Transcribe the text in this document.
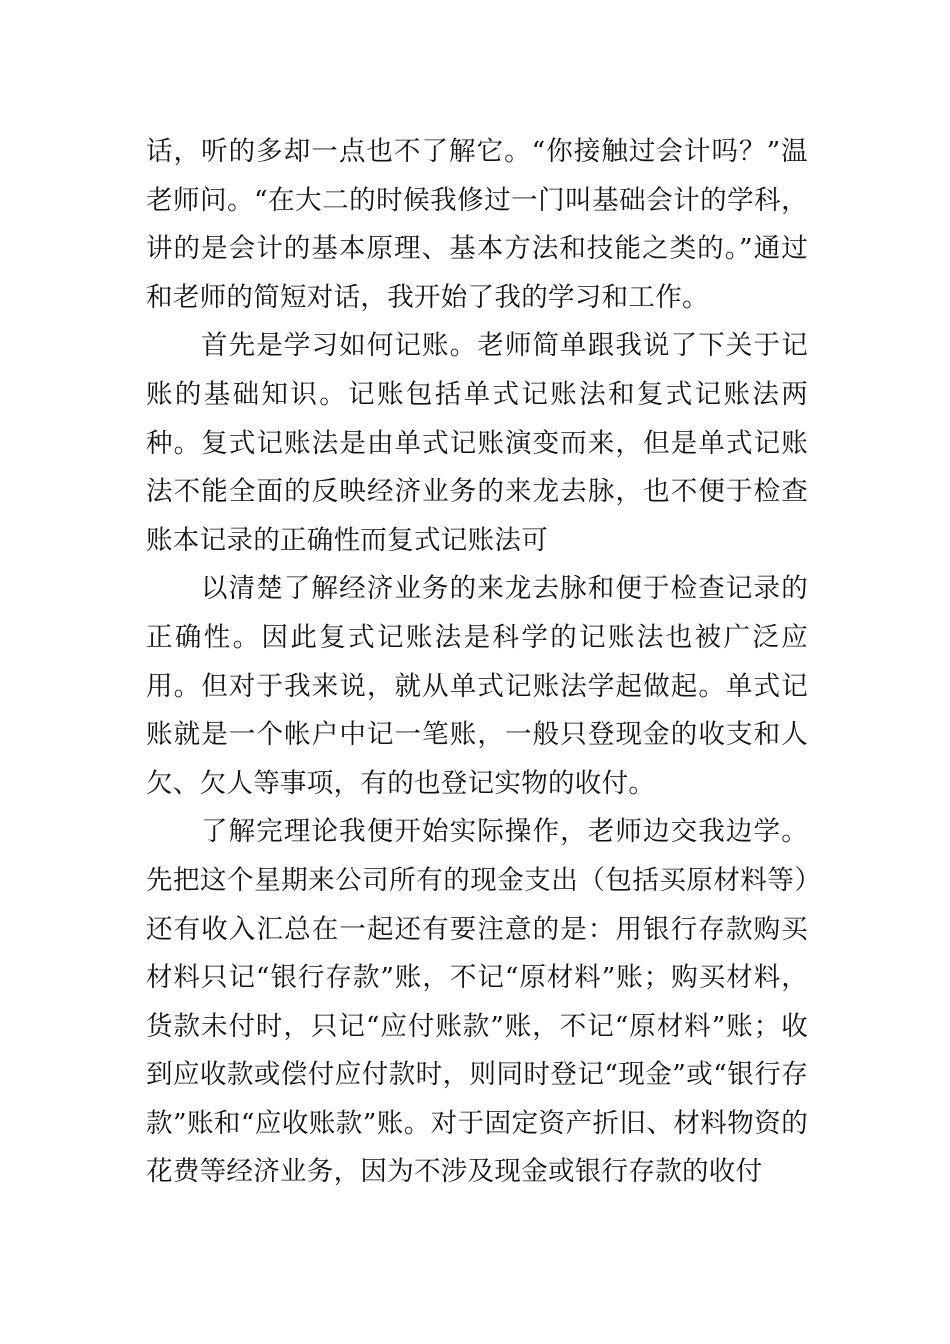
话，听的多却一点也不了解它。“你接触过会计吗？”温老师问。“在大二的时候我修过一门叫基础会计的学科，讲的是会计的基本原理、基本方法和技能之类的。”通过和老师的简短对话，我开始了我的学习和工作。

首先是学习如何记账。老师简单跟我说了下关于记账的基础知识。记账包括单式记账法和复式记账法两种。复式记账法是由单式记账演变而来，但是单式记账法不能全面的反映经济业务的来龙去脉，也不便于检查账本记录的正确性而复式记账法可

以清楚了解经济业务的来龙去脉和便于检查记录的正确性。因此复式记账法是科学的记账法也被广泛应用。但对于我来说，就从单式记账法学起做起。单式记账就是一个帐户中记一笔账，一般只登现金的收支和人欠、欠人等事项，有的也登记实物的收付。

了解完理论我便开始实际操作，老师边交我边学。先把这个星期来公司所有的现金支出（包括买原材料等）还有收入汇总在一起还有要注意的是：用银行存款购买材料只记“银行存款”账，不记“原材料”账；购买材料，货款未付时，只记“应付账款”账，不记“原材料”账；收到应收款或偿付应付款时，则同时登记“现金”或“银行存款”账和“应收账款”账。对于固定资产折旧、材料物资的花费等经济业务，因为不涉及现金或银行存款的收付
